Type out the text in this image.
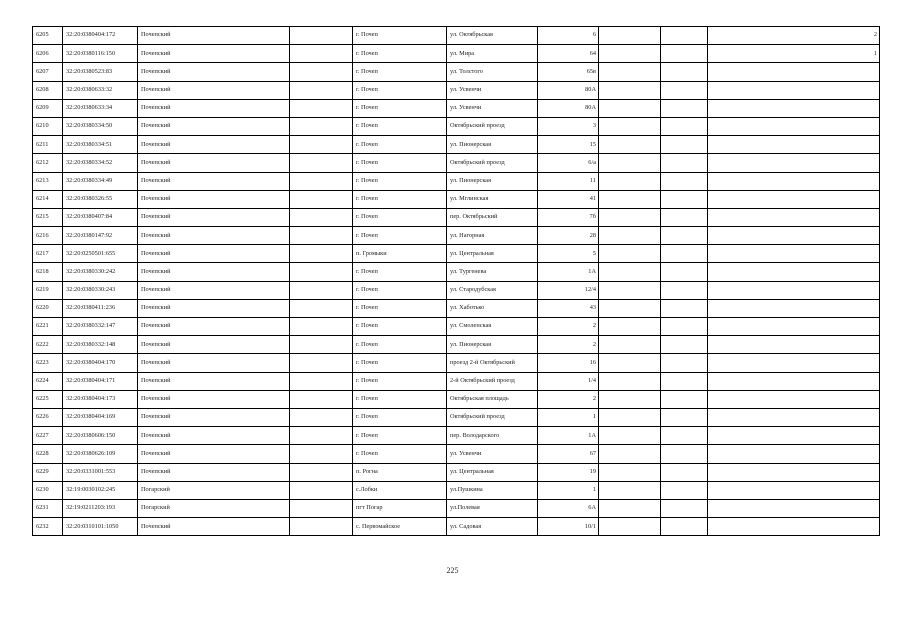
6205	32:20:0380404:172	Почепский		г. Почеп	ул. Октябрьская	6			2
6206	32:20:0380116:150	Почепский		г. Почеп	ул. Мира	64			1
6207	32:20:0380523:83	Почепский		г. Почеп	ул. Толстого	65в			
6208	32:20:0380633:32	Почепский		г. Почеп	ул. Усвенчи	80А			
6209	32:20:0380633:34	Почепский		г. Почеп	ул. Усвенчи	80А			
6210	32:20:0380334:50	Почепский		г. Почеп	Октябрьский проезд	3			
6211	32:20:0380334:51	Почепский		г. Почеп	ул. Пионерская	15			
6212	32:20:0380334:52	Почепский		г. Почеп	Октябрьский проезд	6/а			
6213	32:20:0380334:49	Почепский		г. Почеп	ул. Пионерская	11			
6214	32:20:0380326:55	Почепский		г. Почеп	ул. Мглинская	41			
6215	32:20:0380407:84	Почепский		г. Почеп	пер. Октябрьский	7б			
6216	32:20:0380147:92	Почепский		г. Почеп	ул. Нагорная	28			
6217	32:20:0250501:655	Почепский		п. Громыки	ул. Центральная	5			
6218	32:20:0380330:242	Почепский		г. Почеп	ул. Тургенева	1А			
6219	32:20:0380330:243	Почепский		г. Почеп	ул. Стародубская	12/4			
6220	32:20:0380411:236	Почепский		г. Почеп	ул. Хаботько	43			
6221	32:20:0380332:147	Почепский		г. Почеп	ул. Смоленская	2			
6222	32:20:0380332:148	Почепский		г. Почеп	ул. Пионерская	2			
6223	32:20:0380404:170	Почепский		г. Почеп	проезд 2-й Октябрьский	16			
6224	32:20:0380404:171	Почепский		г. Почеп	2-й Октябрьский проезд	1/4			
6225	32:20:0380404:173	Почепский		г. Почеп	Октябрьская площадь	2			
6226	32:20:0380404:169	Почепский		г. Почеп	Октябрьский проезд	1			
6227	32:20:0380606:150	Почепский		г. Почеп	пер. Володарского	1А			
6228	32:20:0380626:109	Почепский		г. Почеп	ул. Усвенчи	67			
6229	32:20:0331001:553	Почепский		п. Рогна	ул. Центральная	19			
6230	32:19:0030102:245	Погарский		с.Лобки	ул.Пушкина	1			
6231	32:19:0211203:193	Погарский		пгт Погар	ул.Полевая	6А			
6232	32:20:0310101:1050	Почепский		с. Первомайское	ул. Садовая	10/1			
225
